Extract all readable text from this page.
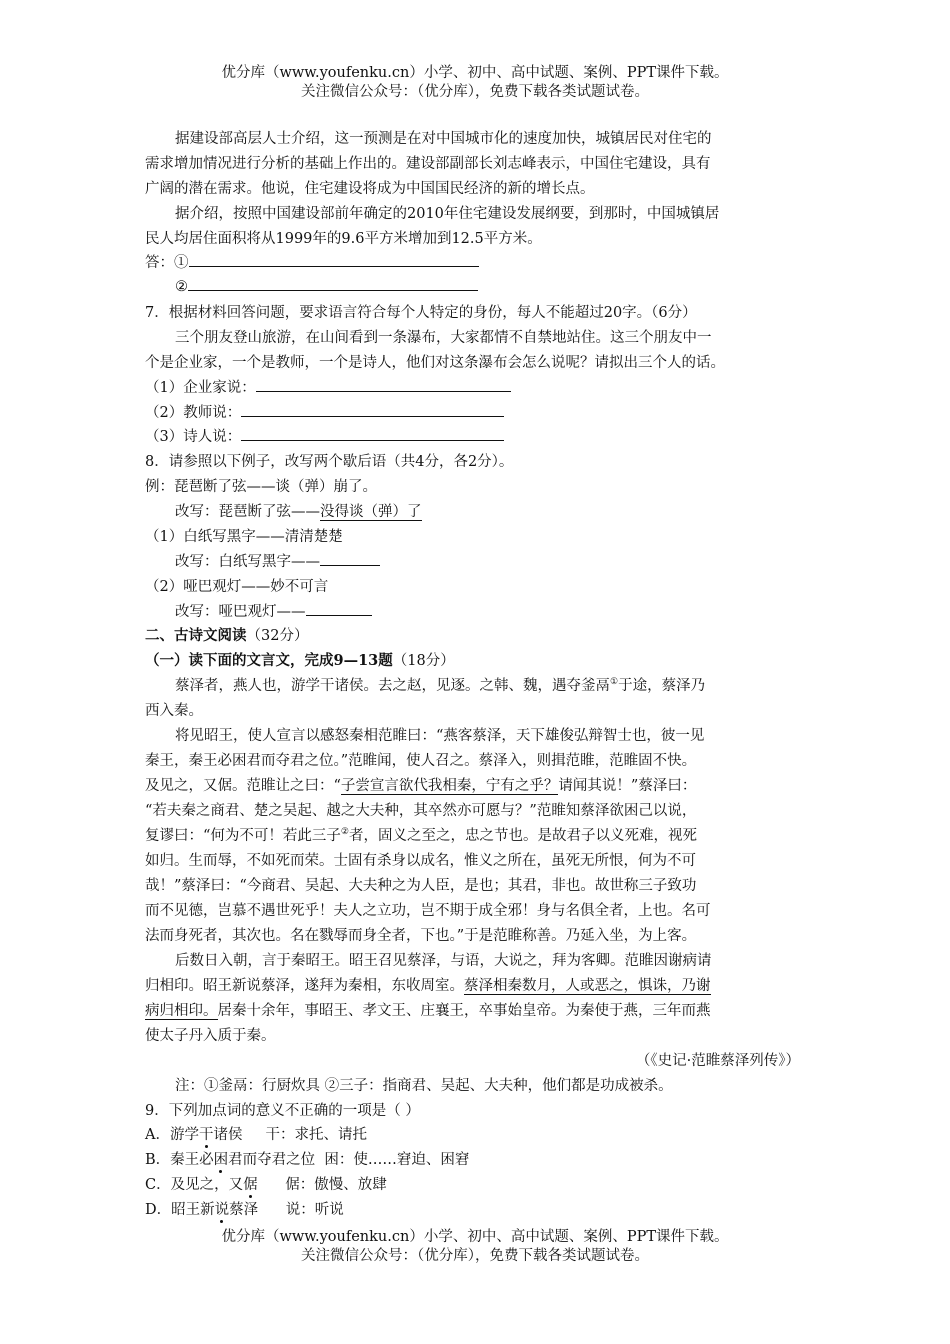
优分库（www.youfenku.cn）小学、初中、高中试题、案例、PPT课件下载。
关注微信公众号：（优分库），免费下载各类试题试卷。
据建设部高层人士介绍，这一预测是在对中国城市化的速度加快，城镇居民对住宅的
需求增加情况进行分析的基础上作出的。建设部副部长刘志峰表示，中国住宅建设，具有
广阔的潜在需求。他说，住宅建设将成为中国国民经济的新的增长点。
据介绍，按照中国建设部前年确定的2010年住宅建设发展纲要，到那时，中国城镇居
民人均居住面积将从1999年的9.6平方米增加到12.5平方米。
答：①
②
7．根据材料回答问题，要求语言符合每个人特定的身份，每人不能超过20字。（6分）
三个朋友登山旅游，在山间看到一条瀑布，大家都情不自禁地站住。这三个朋友中一
个是企业家，一个是教师，一个是诗人，他们对这条瀑布会怎么说呢？请拟出三个人的话。
（1）企业家说：
（2）教师说：
（3）诗人说：
8．请参照以下例子，改写两个歇后语（共4分，各2分）。
例：琵琶断了弦——谈（弹）崩了。
改写：琵琶断了弦——没得谈（弹）了
（1）白纸写黑字——清清楚楚
改写：白纸写黑字——
（2）哑巴观灯——妙不可言
改写：哑巴观灯——
二、古诗文阅读（32分）
（一）读下面的文言文，完成9—13题（18分）
蔡泽者，燕人也，游学干诸侯。去之赵，见逐。之韩、魏，遇夺釜鬲①于途，蔡泽乃
西入秦。
将见昭王，使人宣言以感怒秦相范睢曰：“燕客蔡泽，天下雄俊弘辩智士也，彼一见
秦王，秦王必困君而夺君之位。”范睢闻，使人召之。蔡泽入，则揖范睢，范睢固不快。
及见之，又倨。范睢让之曰：“子尝宣言欲代我相秦，宁有之乎？请闻其说！”蔡泽曰：
“若夫秦之商君、楚之吴起、越之大夫种，其卒然亦可愿与？”范睢知蔡泽欲困己以说，
复谬曰：“何为不可！若此三子②者，固义之至之，忠之节也。是故君子以义死难，视死
如归。生而辱，不如死而荣。士固有杀身以成名，惟义之所在，虽死无所恨，何为不可
哉！”蔡泽曰：“今商君、吴起、大夫种之为人臣，是也；其君，非也。故世称三子致功
而不见德，岂慕不遇世死乎！夫人之立功，岂不期于成全邪！身与名俱全者，上也。名可
法而身死者，其次也。名在戮辱而身全者，下也。”于是范睢称善。乃延入坐，为上客。
后数日入朝，言于秦昭王。昭王召见蔡泽，与语，大说之，拜为客卿。范睢因谢病请
归相印。昭王新说蔡泽，遂拜为秦相，东收周室。蔡泽相秦数月，人或恶之，惧诛，乃谢
病归相印。居秦十余年，事昭王、孝文王、庄襄王，卒事始皇帝。为秦使于燕，三年而燕
使太子丹入质于秦。
（《史记·范睢蔡泽列传》）
注：①釜鬲：行厨炊具 ②三子：指商君、吴起、大夫种，他们都是功成被杀。
9．下列加点词的意义不正确的一项是（ ）
A．游学干诸侯     干：求托、请托
B．秦王必困君而夺君之位  困：使……窘迫、困窘
C．及见之，又倨      倨：傲慢、放肆
D．昭王新说蔡泽      说：听说
优分库（www.youfenku.cn）小学、初中、高中试题、案例、PPT课件下载。
关注微信公众号：（优分库），免费下载各类试题试卷。
